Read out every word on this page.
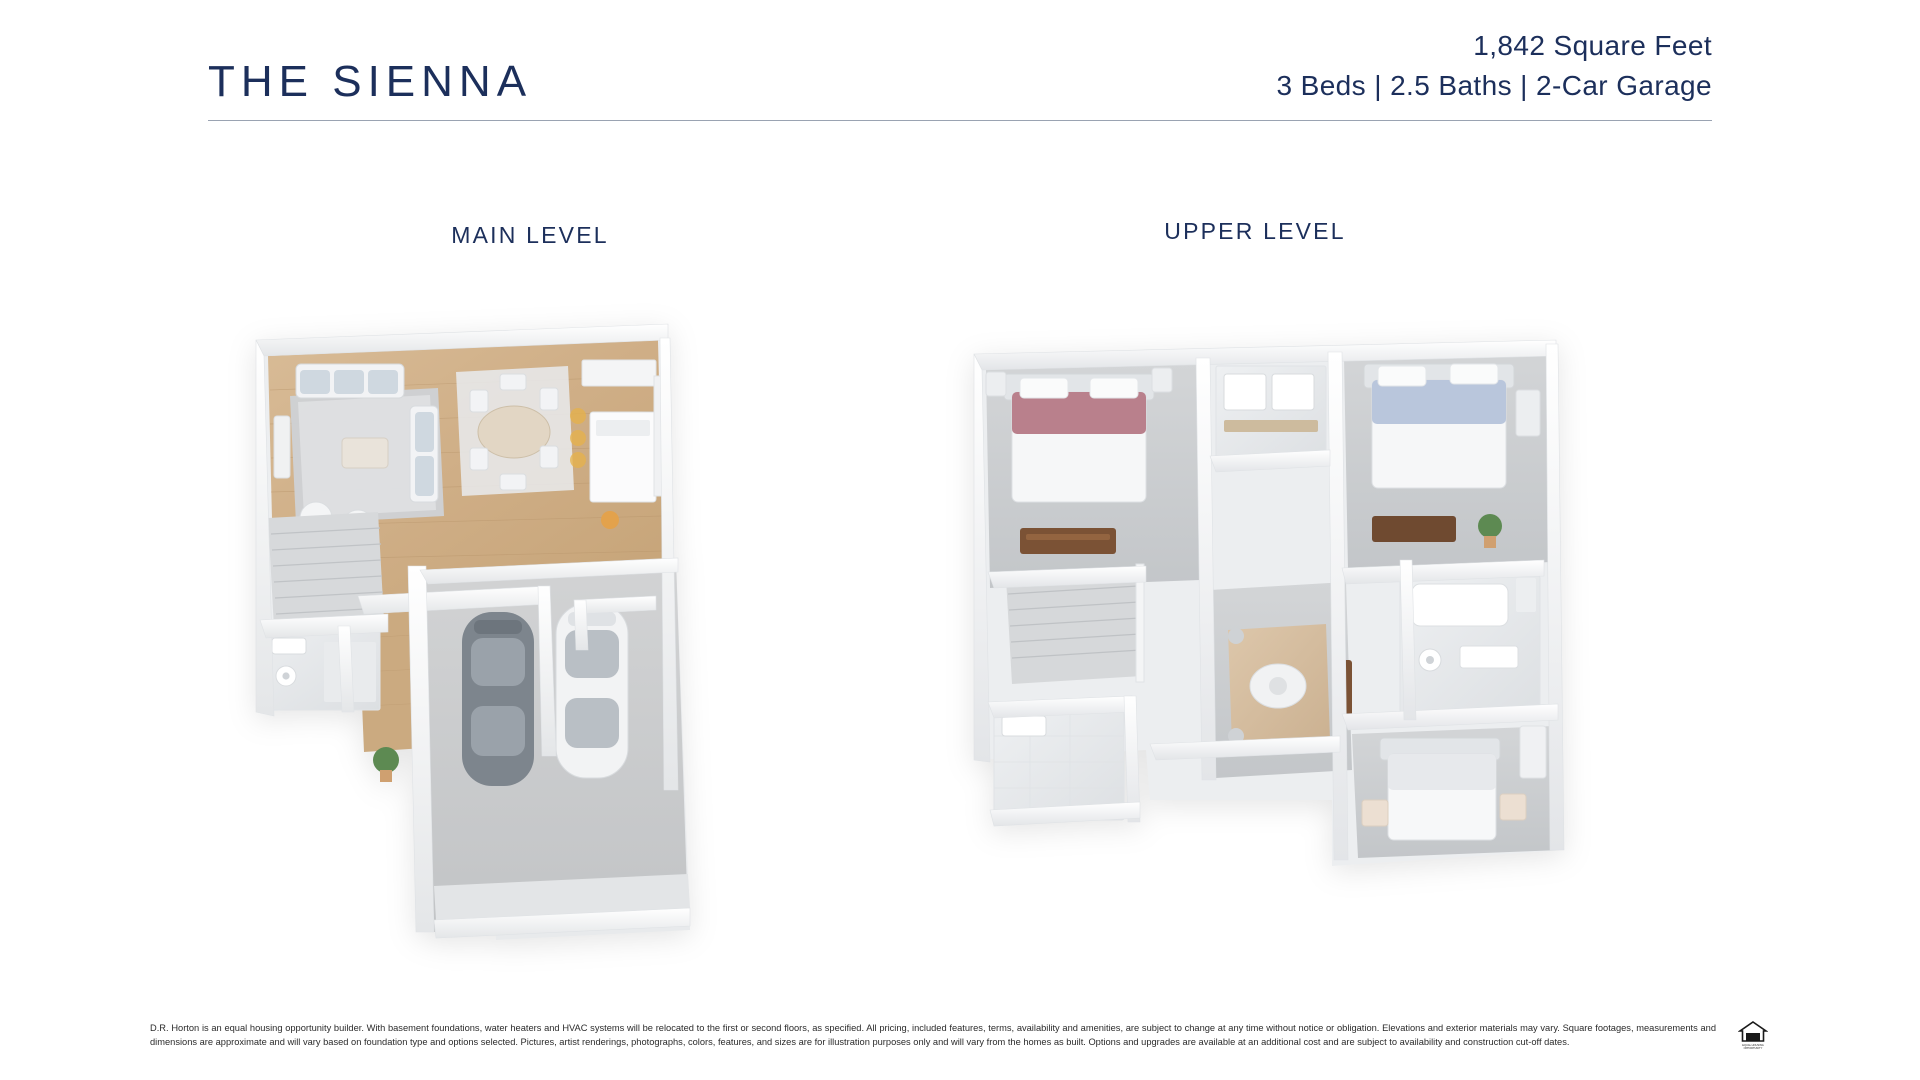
THE SIENNA
1,842 Square Feet
3 Beds | 2.5 Baths | 2-Car Garage
MAIN LEVEL	UPPER LEVEL
D.R. Horton is an equal housing opportunity builder. With basement foundations, water heaters and HVAC systems will be relocated to the first or second floors, as specified. All pricing, included features, terms, availability and amenities, are subject to change at any time without notice or obligation. Elevations and exterior materials may vary. Square footages, measurements and dimensions are approximate and will vary based on foundation type and options selected. Pictures, artist renderings, photographs, colors, features, and sizes are for illustration purposes only and will vary from the homes as built. Options and upgrades are available at an additional cost and are subject to availability and construction cut-off dates.	EQUAL HOUSING OPPORTUNITY
